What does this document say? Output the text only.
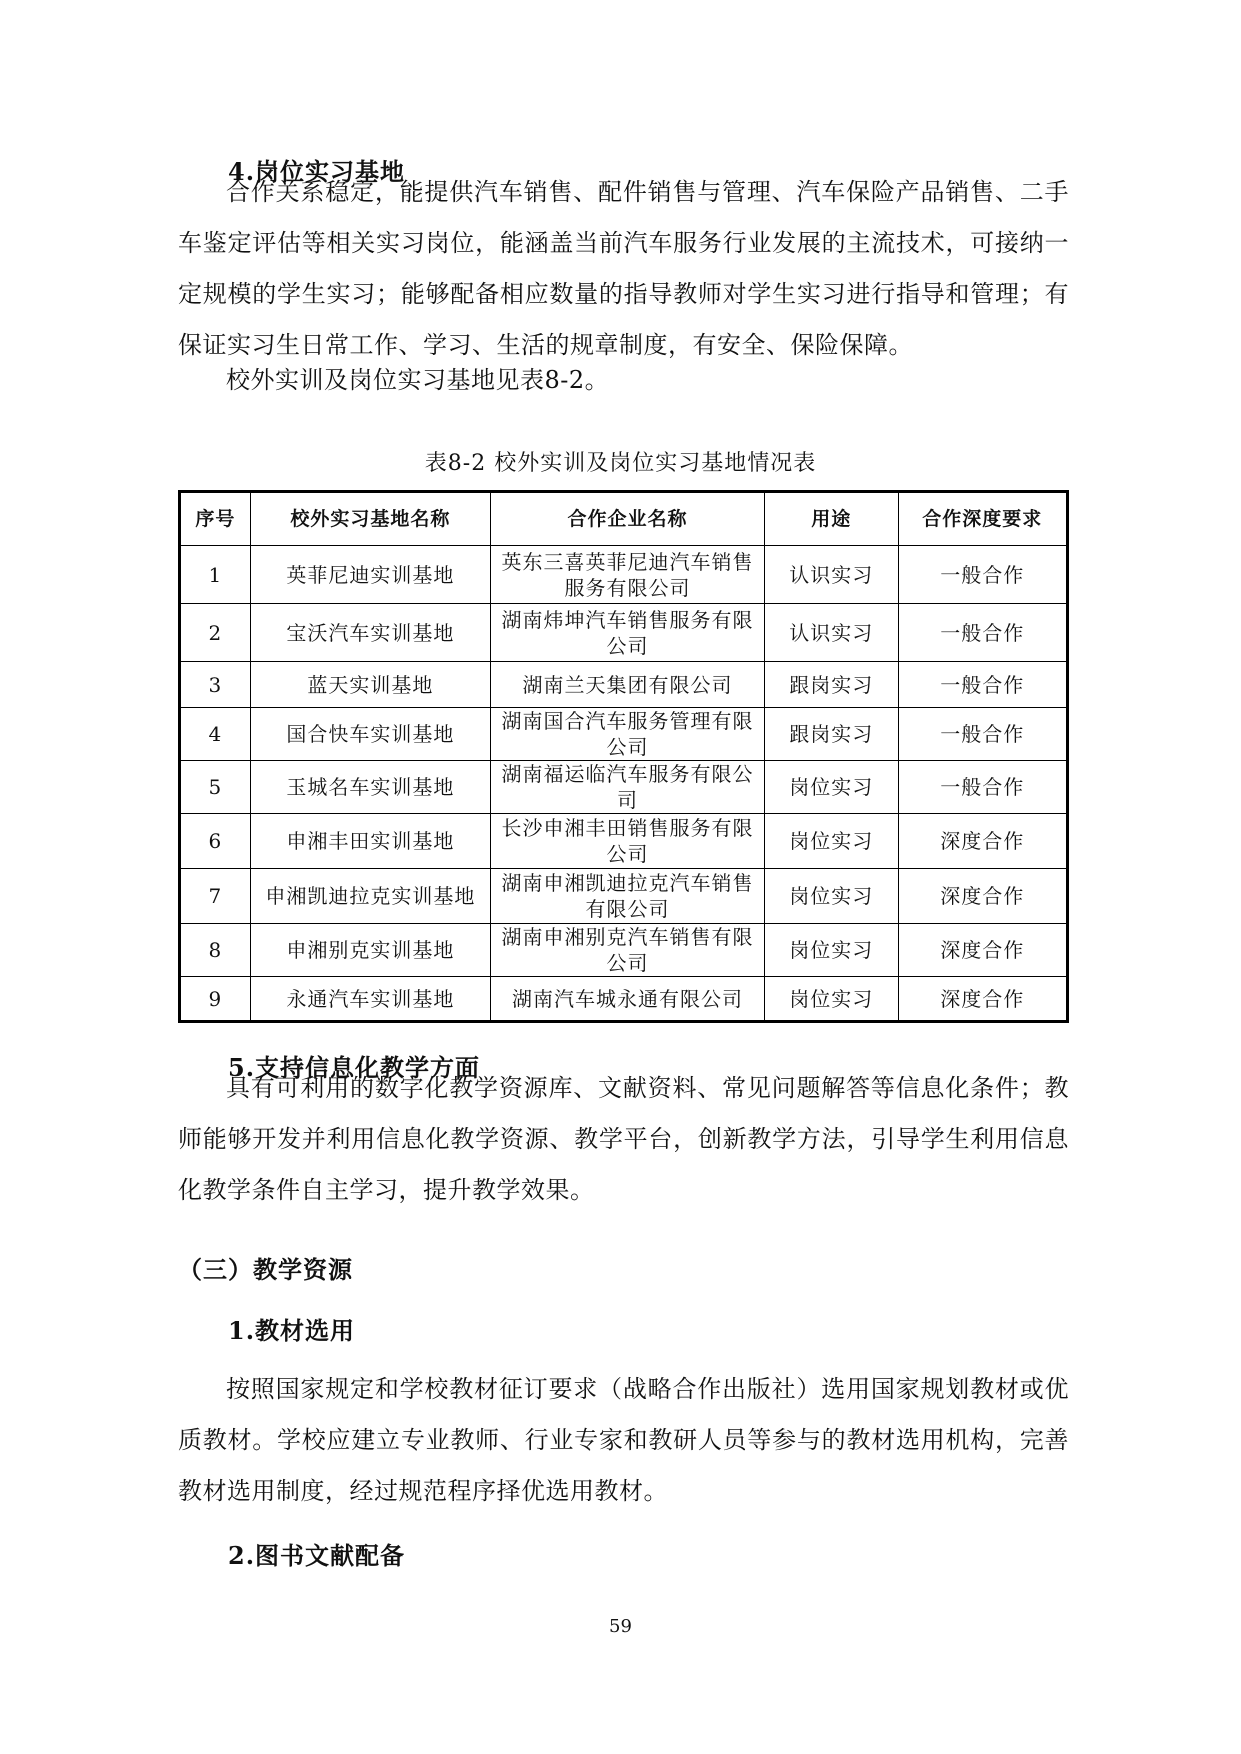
4.岗位实习基地

合作关系稳定，能提供汽车销售、配件销售与管理、汽车保险产品销售、二手车鉴定评估等相关实习岗位，能涵盖当前汽车服务行业发展的主流技术，可接纳一定规模的学生实习；能够配备相应数量的指导教师对学生实习进行指导和管理；有保证实习生日常工作、学习、生活的规章制度，有安全、保险保障。

校外实训及岗位实习基地见表8-2。

表8-2 校外实训及岗位实习基地情况表
序号	校外实习基地名称	合作企业名称	用途	合作深度要求
1	英菲尼迪实训基地	英东三喜英菲尼迪汽车销售服务有限公司	认识实习	一般合作
2	宝沃汽车实训基地	湖南炜坤汽车销售服务有限公司	认识实习	一般合作
3	蓝天实训基地	湖南兰天集团有限公司	跟岗实习	一般合作
4	国合快车实训基地	湖南国合汽车服务管理有限公司	跟岗实习	一般合作
5	玉城名车实训基地	湖南福运临汽车服务有限公司	岗位实习	一般合作
6	申湘丰田实训基地	长沙申湘丰田销售服务有限公司	岗位实习	深度合作
7	申湘凯迪拉克实训基地	湖南申湘凯迪拉克汽车销售有限公司	岗位实习	深度合作
8	申湘别克实训基地	湖南申湘别克汽车销售有限公司	岗位实习	深度合作
9	永通汽车实训基地	湖南汽车城永通有限公司	岗位实习	深度合作
5.支持信息化教学方面

具有可利用的数字化教学资源库、文献资料、常见问题解答等信息化条件；教师能够开发并利用信息化教学资源、教学平台，创新教学方法，引导学生利用信息化教学条件自主学习，提升教学效果。

（三）教学资源
1.教材选用

按照国家规定和学校教材征订要求（战略合作出版社）选用国家规划教材或优质教材。学校应建立专业教师、行业专家和教研人员等参与的教材选用机构，完善教材选用制度，经过规范程序择优选用教材。

2.图书文献配备
59
